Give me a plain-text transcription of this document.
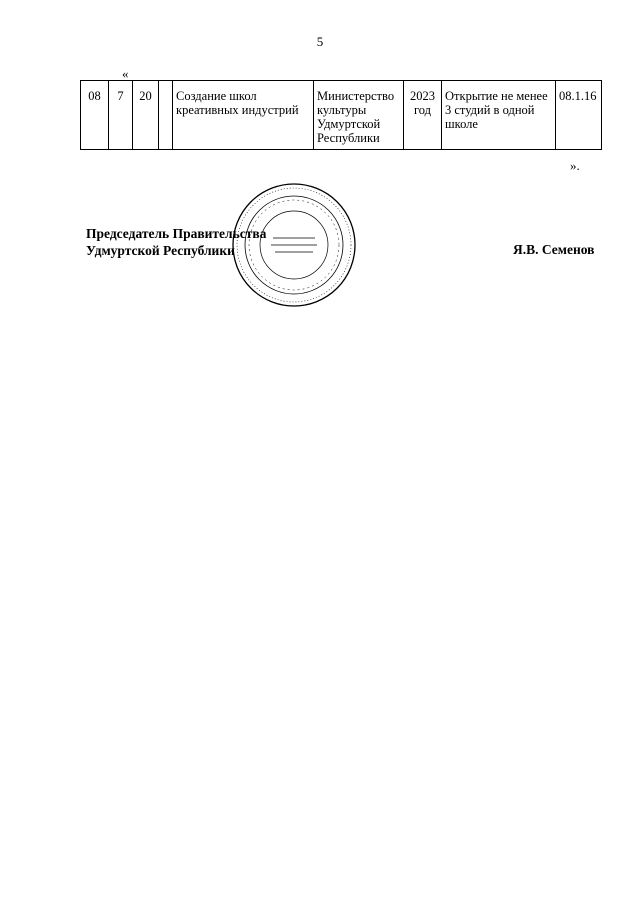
5
«
08	7	20		Создание школ креативных индустрий	Министерство культуры Удмуртской Республики	2023 год	Открытие не менее 3 студий в одной школе	08.1.16
».
Председатель Правительства
Удмуртской Республики	Я.В. Семенов
